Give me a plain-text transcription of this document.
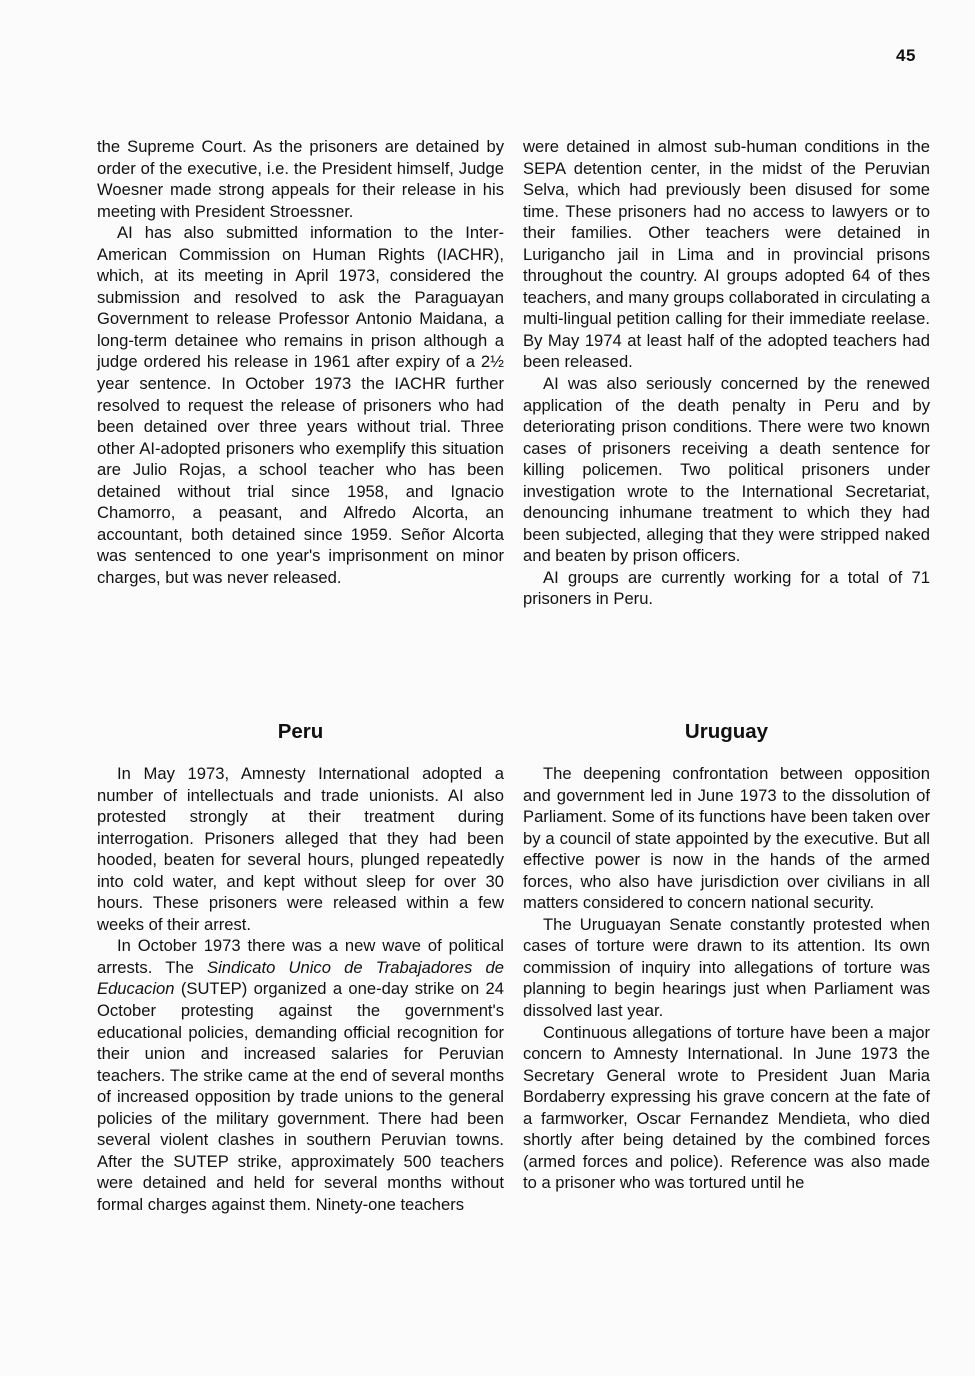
45

the Supreme Court. As the prisoners are detained by order of the executive, i.e. the President himself, Judge Woesner made strong appeals for their release in his meeting with President Stroessner.

AI has also submitted information to the Inter-American Commission on Human Rights (IACHR), which, at its meeting in April 1973, considered the submission and resolved to ask the Paraguayan Government to release Professor Antonio Maidana, a long-term detainee who remains in prison although a judge ordered his release in 1961 after expiry of a 2½ year sentence. In October 1973 the IACHR further resolved to request the release of prisoners who had been detained over three years without trial. Three other AI-adopted prisoners who exemplify this situation are Julio Rojas, a school teacher who has been detained without trial since 1958, and Ignacio Chamorro, a peasant, and Alfredo Alcorta, an accountant, both detained since 1959. Señor Alcorta was sentenced to one year's imprisonment on minor charges, but was never released.

were detained in almost sub-human conditions in the SEPA detention center, in the midst of the Peruvian Selva, which had previously been disused for some time. These prisoners had no access to lawyers or to their families. Other teachers were detained in Lurigancho jail in Lima and in provincial prisons throughout the country. AI groups adopted 64 of thes teachers, and many groups collaborated in circulating a multi-lingual petition calling for their immediate reelase. By May 1974 at least half of the adopted teachers had been released.

AI was also seriously concerned by the renewed application of the death penalty in Peru and by deteriorating prison conditions. There were two known cases of prisoners receiving a death sentence for killing policemen. Two political prisoners under investigation wrote to the International Secretariat, denouncing inhumane treatment to which they had been subjected, alleging that they were stripped naked and beaten by prison officers.

AI groups are currently working for a total of 71 prisoners in Peru.

Peru

In May 1973, Amnesty International adopted a number of intellectuals and trade unionists. AI also protested strongly at their treatment during interrogation. Prisoners alleged that they had been hooded, beaten for several hours, plunged repeatedly into cold water, and kept without sleep for over 30 hours. These prisoners were released within a few weeks of their arrest.

In October 1973 there was a new wave of political arrests. The Sindicato Unico de Trabajadores de Educacion (SUTEP) organized a one-day strike on 24 October protesting against the government's educational policies, demanding official recognition for their union and increased salaries for Peruvian teachers. The strike came at the end of several months of increased opposition by trade unions to the general policies of the military government. There had been several violent clashes in southern Peruvian towns. After the SUTEP strike, approximately 500 teachers were detained and held for several months without formal charges against them. Ninety-one teachers

Uruguay

The deepening confrontation between opposition and government led in June 1973 to the dissolution of Parliament. Some of its functions have been taken over by a council of state appointed by the executive. But all effective power is now in the hands of the armed forces, who also have jurisdiction over civilians in all matters considered to concern national security.

The Uruguayan Senate constantly protested when cases of torture were drawn to its attention. Its own commission of inquiry into allegations of torture was planning to begin hearings just when Parliament was dissolved last year.

Continuous allegations of torture have been a major concern to Amnesty International. In June 1973 the Secretary General wrote to President Juan Maria Bordaberry expressing his grave concern at the fate of a farmworker, Oscar Fernandez Mendieta, who died shortly after being detained by the combined forces (armed forces and police). Reference was also made to a prisoner who was tortured until he
